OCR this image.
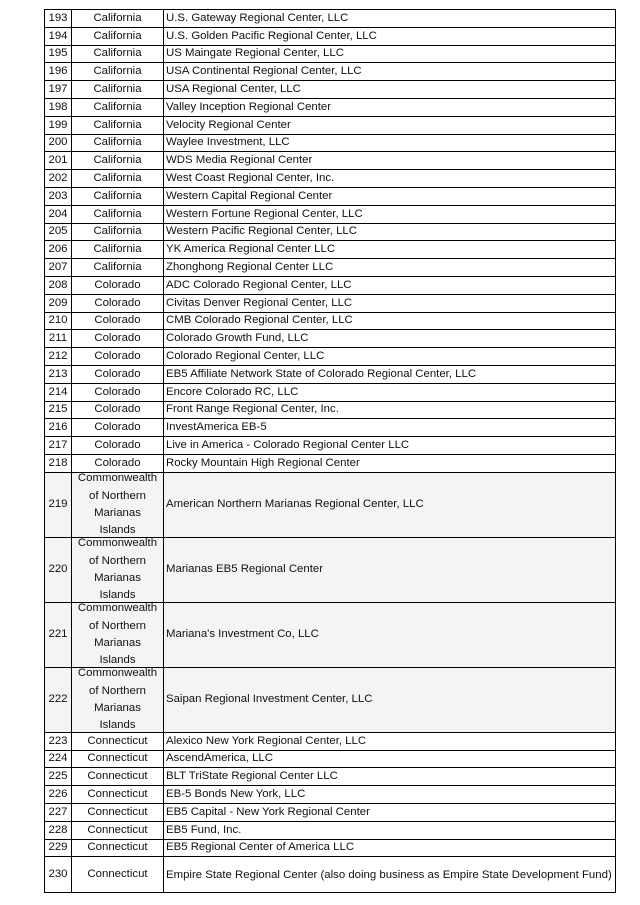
193	California	U.S. Gateway Regional Center, LLC
194	California	U.S. Golden Pacific Regional Center, LLC
195	California	US Maingate Regional Center, LLC
196	California	USA Continental Regional Center, LLC
197	California	USA Regional Center, LLC
198	California	Valley Inception Regional Center
199	California	Velocity Regional Center
200	California	Waylee Investment, LLC
201	California	WDS Media Regional Center
202	California	West Coast Regional Center, Inc.
203	California	Western Capital Regional Center
204	California	Western Fortune Regional Center, LLC
205	California	Western Pacific Regional Center, LLC
206	California	YK America Regional Center LLC
207	California	Zhonghong Regional Center LLC
208	Colorado	ADC Colorado Regional Center, LLC
209	Colorado	Civitas Denver Regional Center, LLC
210	Colorado	CMB Colorado Regional Center, LLC
211	Colorado	Colorado Growth Fund, LLC
212	Colorado	Colorado Regional Center, LLC
213	Colorado	EB5 Affiliate Network State of Colorado Regional Center, LLC
214	Colorado	Encore Colorado RC, LLC
215	Colorado	Front Range Regional Center, Inc.
216	Colorado	InvestAmerica EB-5
217	Colorado	Live in America - Colorado Regional Center LLC
218	Colorado	Rocky Mountain High Regional Center
219	Commonwealth
of Northern
Marianas
Islands	American Northern Marianas Regional Center, LLC
220	Commonwealth
of Northern
Marianas
Islands	Marianas EB5 Regional Center
221	Commonwealth
of Northern
Marianas
Islands	Mariana's Investment Co, LLC
222	Commonwealth
of Northern
Marianas
Islands	Saipan Regional Investment Center, LLC
223	Connecticut	Alexico New York Regional Center, LLC
224	Connecticut	AscendAmerica, LLC
225	Connecticut	BLT TriState Regional Center LLC
226	Connecticut	EB-5 Bonds New York, LLC
227	Connecticut	EB5 Capital - New York Regional Center
228	Connecticut	EB5 Fund, Inc.
229	Connecticut	EB5 Regional Center of America LLC
230	Connecticut	Empire State Regional Center (also doing business as Empire State Development Fund)
